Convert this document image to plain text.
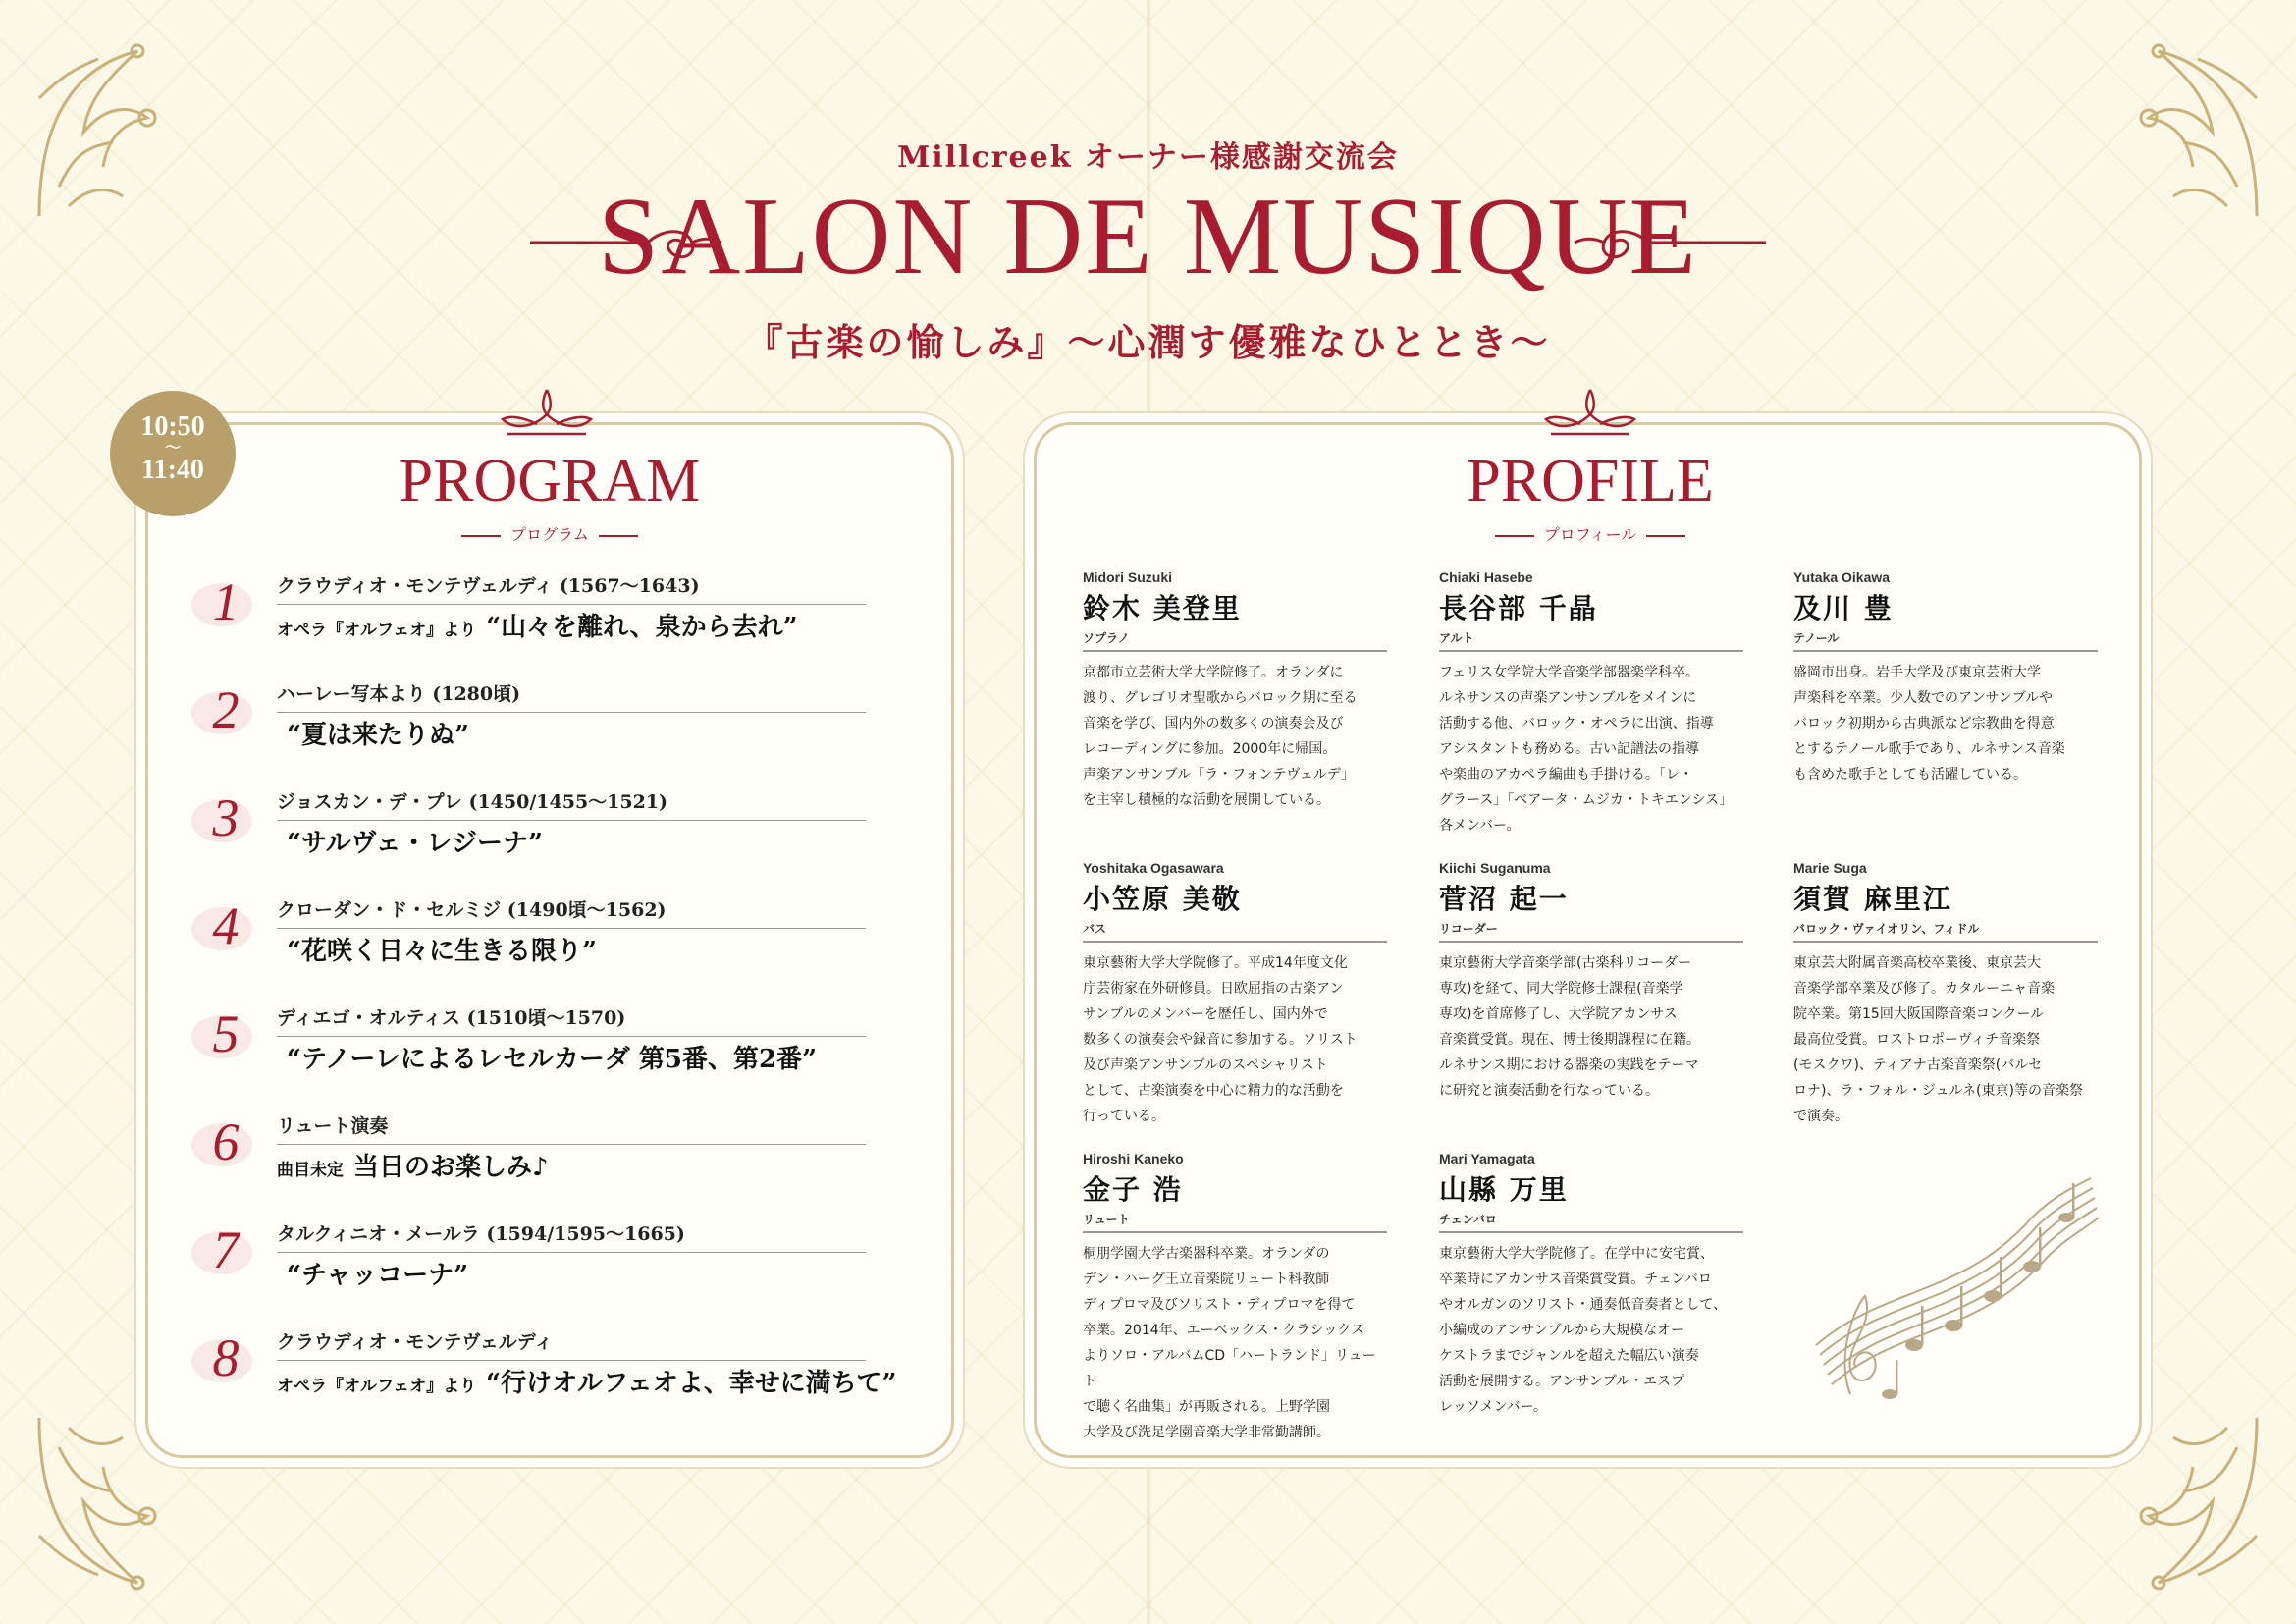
Millcreek オーナー様感謝交流会
SALON DE MUSIQUE
『古楽の愉しみ』〜心潤す優雅なひととき〜
10:50
〜
11:40	PROGRAM
プログラム
1	クラウディオ・モンテヴェルディ (1567〜1643)
オペラ『オルフェオ』より “山々を離れ、泉から去れ”
2	ハーレー写本より (1280頃)
“夏は来たりぬ”
3	ジョスカン・デ・プレ (1450/1455〜1521)
“サルヴェ・レジーナ”
4	クローダン・ド・セルミジ (1490頃〜1562)
“花咲く日々に生きる限り”
5	ディエゴ・オルティス (1510頃〜1570)
“テノーレによるレセルカーダ 第5番、第2番”
6	リュート演奏
曲目未定 当日のお楽しみ♪
7	タルクィニオ・メールラ (1594/1595〜1665)
“チャッコーナ”
8	クラウディオ・モンテヴェルディ
オペラ『オルフェオ』より “行けオルフェオよ、幸せに満ちて”
PROFILE
プロフィール
Midori Suzuki
鈴木 美登里
ソプラノ
京都市立芸術大学大学院修了。オランダに
渡り、グレゴリオ聖歌からバロック期に至る
音楽を学び、国内外の数多くの演奏会及び
レコーディングに参加。2000年に帰国。
声楽アンサンブル「ラ・フォンテヴェルデ」
を主宰し積極的な活動を展開している。
Chiaki Hasebe
長谷部 千晶
アルト
フェリス女学院大学音楽学部器楽学科卒。
ルネサンスの声楽アンサンブルをメインに
活動する他、バロック・オペラに出演、指導
アシスタントも務める。古い記譜法の指導
や楽曲のアカペラ編曲も手掛ける。「レ・
グラース」「ベアータ・ムジカ・トキエンシス」
各メンバー。
Yutaka Oikawa
及川 豊
テノール
盛岡市出身。岩手大学及び東京芸術大学
声楽科を卒業。少人数でのアンサンブルや
バロック初期から古典派など宗教曲を得意
とするテノール歌手であり、ルネサンス音楽
も含めた歌手としても活躍している。
Yoshitaka Ogasawara
小笠原 美敬
バス
東京藝術大学大学院修了。平成14年度文化
庁芸術家在外研修員。日欧屈指の古楽アン
サンブルのメンバーを歴任し、国内外で
数多くの演奏会や録音に参加する。ソリスト
及び声楽アンサンブルのスペシャリスト
として、古楽演奏を中心に精力的な活動を
行っている。
Kiichi Suganuma
菅沼 起一
リコーダー
東京藝術大学音楽学部(古楽科リコーダー
専攻)を経て、同大学院修士課程(音楽学
専攻)を首席修了し、大学院アカンサス
音楽賞受賞。現在、博士後期課程に在籍。
ルネサンス期における器楽の実践をテーマ
に研究と演奏活動を行なっている。
Marie Suga
須賀 麻里江
バロック・ヴァイオリン、フィドル
東京芸大附属音楽高校卒業後、東京芸大
音楽学部卒業及び修了。カタルーニャ音楽
院卒業。第15回大阪国際音楽コンクール
最高位受賞。ロストロポーヴィチ音楽祭
(モスクワ)、ティアナ古楽音楽祭(バルセ
ロナ)、ラ・フォル・ジュルネ(東京)等の音楽祭
で演奏。
Hiroshi Kaneko
金子 浩
リュート
桐朋学園大学古楽器科卒業。オランダの
デン・ハーグ王立音楽院リュート科教師
ディプロマ及びソリスト・ディプロマを得て
卒業。2014年、エーベックス・クラシックス
よりソロ・アルバムCD「ハートランド」リュート
で聴く名曲集」が再販される。上野学園
大学及び洗足学園音楽大学非常勤講師。
Mari Yamagata
山縣 万里
チェンバロ
東京藝術大学大学院修了。在学中に安宅賞、
卒業時にアカンサス音楽賞受賞。チェンバロ
やオルガンのソリスト・通奏低音奏者として、
小編成のアンサンブルから大規模なオー
ケストラまでジャンルを超えた幅広い演奏
活動を展開する。アンサンブル・エスプ
レッソメンバー。
